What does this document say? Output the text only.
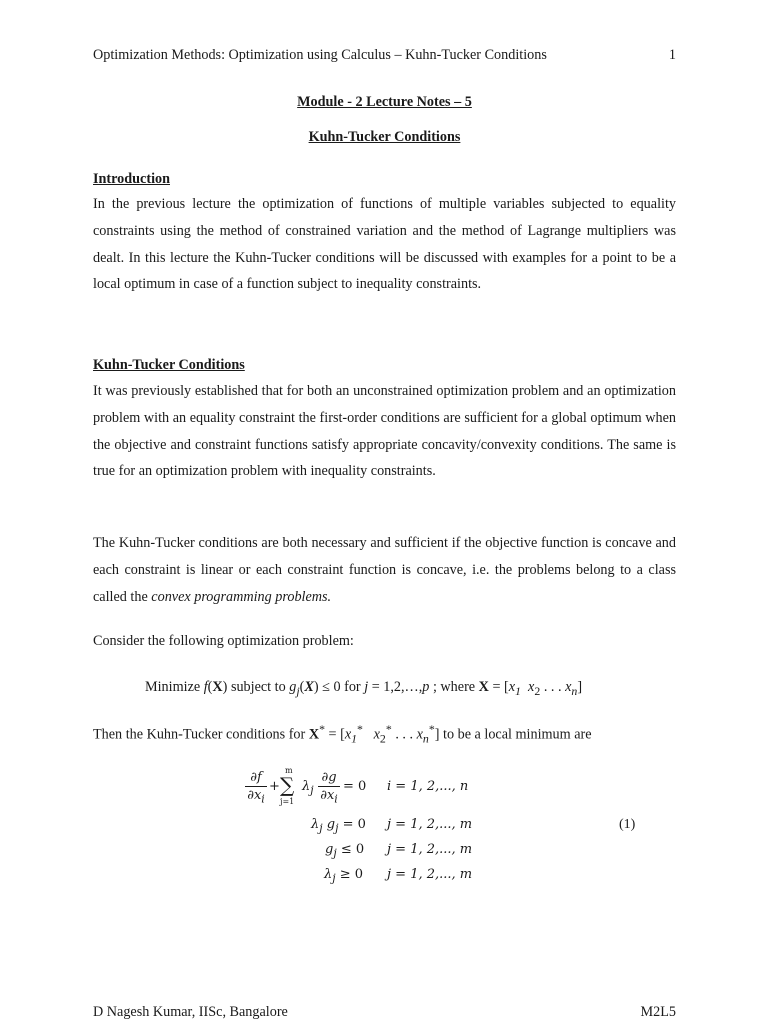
Optimization Methods: Optimization using Calculus – Kuhn-Tucker Conditions	1
Module - 2 Lecture Notes – 5
Kuhn-Tucker Conditions
Introduction

In the previous lecture the optimization of functions of multiple variables subjected to equality constraints using the method of constrained variation and the method of Lagrange multipliers was dealt. In this lecture the Kuhn-Tucker conditions will be discussed with examples for a point to be a local optimum in case of a function subject to inequality constraints.

Kuhn-Tucker Conditions

It was previously established that for both an unconstrained optimization problem and an optimization problem with an equality constraint the first-order conditions are sufficient for a global optimum when the objective and constraint functions satisfy appropriate concavity/convexity conditions. The same is true for an optimization problem with inequality constraints.

The Kuhn-Tucker conditions are both necessary and sufficient if the objective function is concave and each constraint is linear or each constraint function is concave, i.e. the problems belong to a class called the convex programming problems.

Consider the following optimization problem:
Minimize f(X) subject to $g_j(X) \le 0$ for j = 1,2,…,p ; where $X = [x_1$ $x_2$ . . . $x_n$]
Then the Kuhn-Tucker conditions for $X^* = [x_1^*$ $x_2^*$ . . . $x_n^*$] to be a local minimum are
∂f
$\partial x_i$
+
m
∑
j=1
$\lambda_j$
∂g
$\partial x_i$
= 0 i = 1, 2,..., n
$\lambda_j$ $g_j = 0$ j = 1, 2,..., m	(1)
$g_j \le 0$ j = 1, 2,..., m
$\lambda_j \ge 0$ j = 1, 2,..., m
D Nagesh Kumar, IISc, Bangalore	M2L5
